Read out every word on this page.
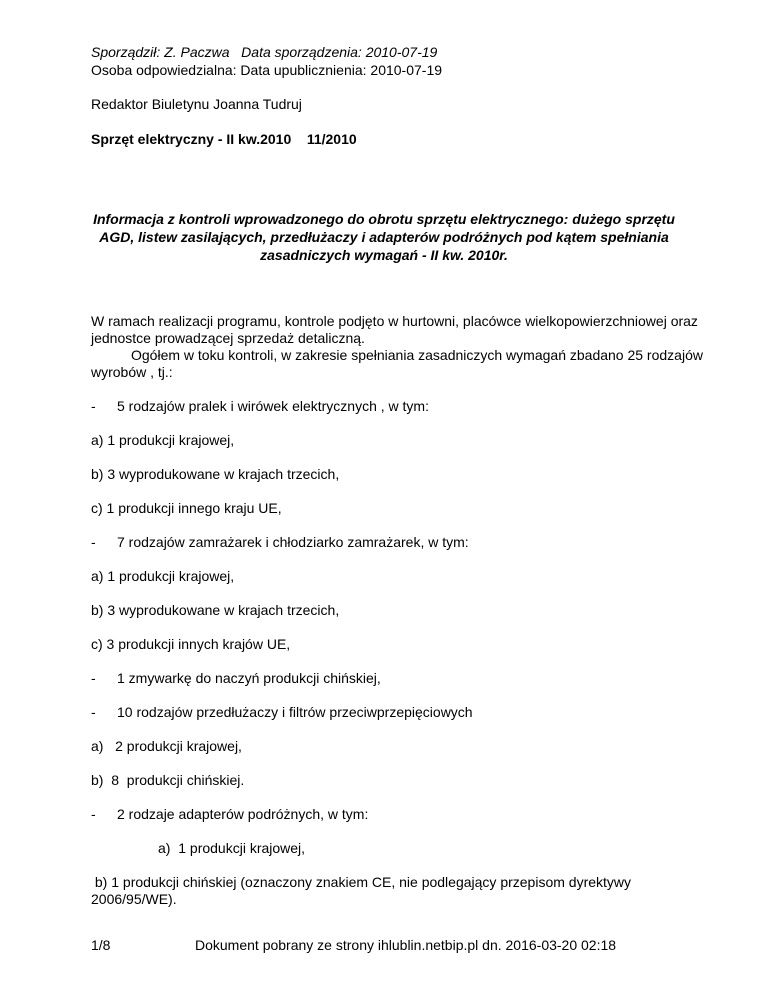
Sporządził: Z. Paczwa Data sporządzenia: 2010-07-19
Osoba odpowiedzialna: Data upublicznienia: 2010-07-19
Redaktor Biuletynu Joanna Tudruj
Sprzęt elektryczny - II kw.2010 11/2010
Informacja z kontroli wprowadzonego do obrotu sprzętu elektrycznego: dużego sprzętu
AGD, listew zasilających, przedłużaczy i adapterów podróżnych pod kątem spełniania
zasadniczych wymagań - II kw. 2010r.
W ramach realizacji programu, kontrole podjęto w hurtowni, placówce wielkopowierzchniowej oraz
jednostce prowadzącej sprzedaż detaliczną.
Ogółem w toku kontroli, w zakresie spełniania zasadniczych wymagań zbadano 25 rodzajów
wyrobów , tj.:
- 5 rodzajów pralek i wirówek elektrycznych , w tym:
a) 1 produkcji krajowej,
b) 3 wyprodukowane w krajach trzecich,
c) 1 produkcji innego kraju UE,
- 7 rodzajów zamrażarek i chłodziarko zamrażarek, w tym:
a) 1 produkcji krajowej,
b) 3 wyprodukowane w krajach trzecich,
c) 3 produkcji innych krajów UE,
- 1 zmywarkę do naczyń produkcji chińskiej,
- 10 rodzajów przedłużaczy i filtrów przeciwprzepięciowych
a)   2 produkcji krajowej,
b)  8  produkcji chińskiej.
- 2 rodzaje adapterów podróżnych, w tym:
a)  1 produkcji krajowej,
b) 1 produkcji chińskiej (oznaczony znakiem CE, nie podlegający przepisom dyrektywy
2006/95/WE).
1/8	Dokument pobrany ze strony ihlublin.netbip.pl dn. 2016-03-20 02:18
